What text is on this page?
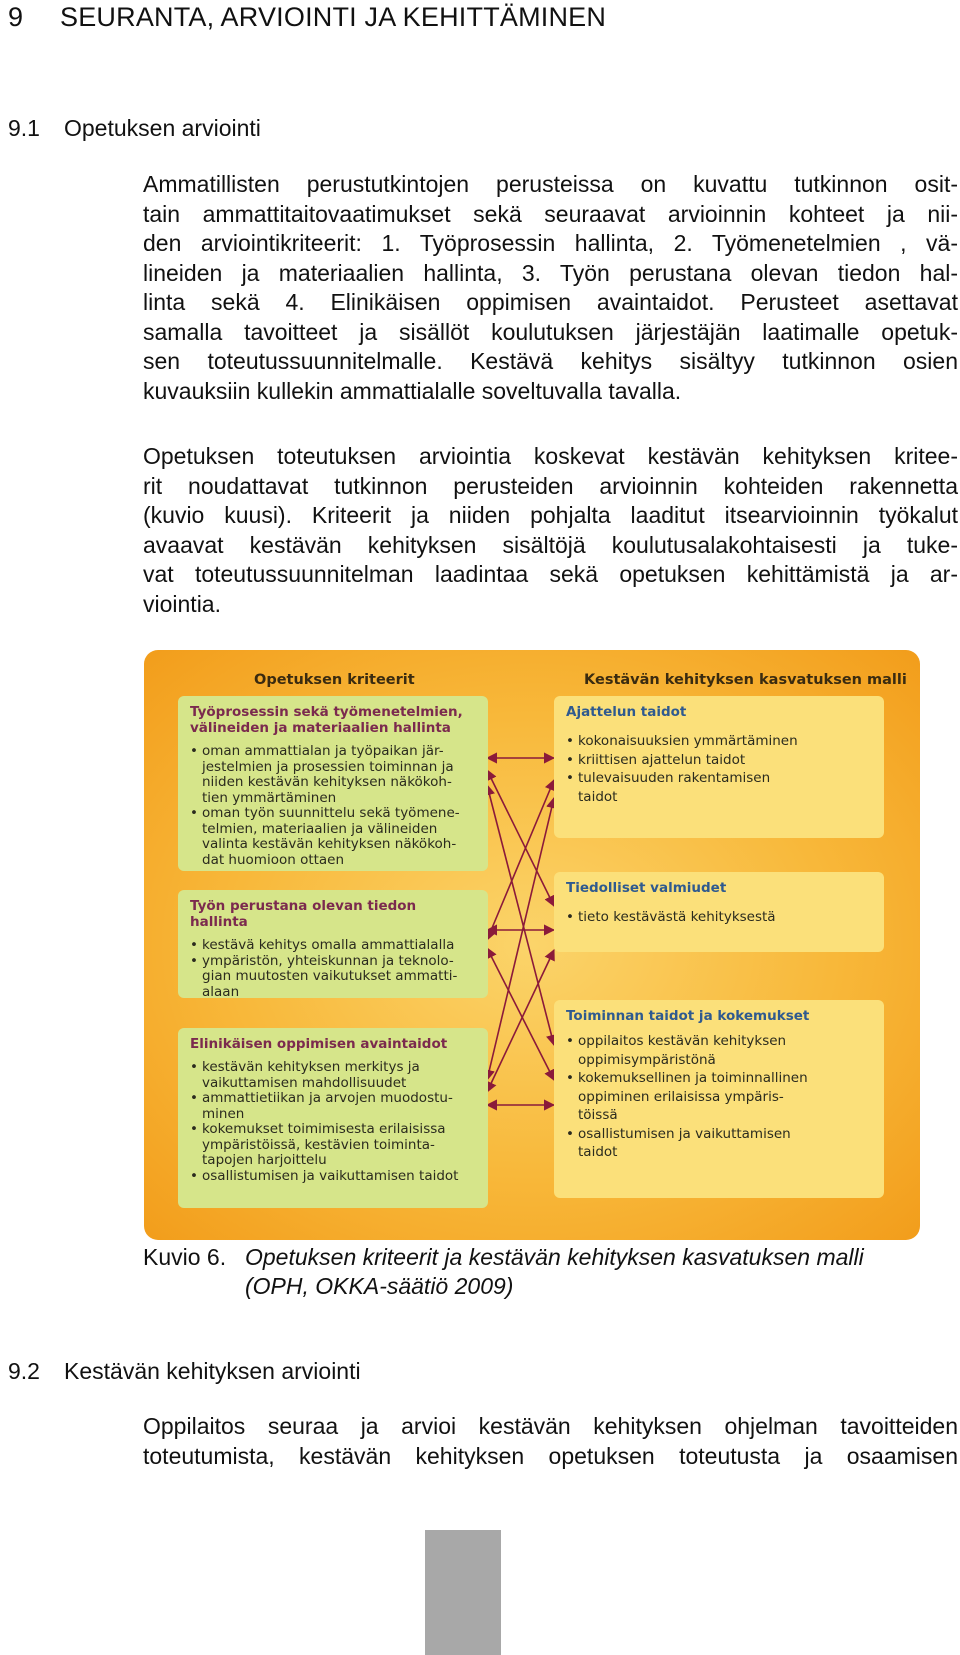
9 SEURANTA, ARVIOINTI JA KEHITTÄMINEN
9.1 Opetuksen arviointi

Ammatillisten perustutkintojen perusteissa on kuvattu tutkinnon osit-
tain ammattitaitovaatimukset sekä seuraavat arvioinnin kohteet ja nii-
den arviointikriteerit: 1. Työprosessin hallinta, 2. Työmenetelmien , vä-
lineiden ja materiaalien hallinta, 3. Työn perustana olevan tiedon hal-
linta sekä 4. Elinikäisen oppimisen avaintaidot. Perusteet asettavat
samalla tavoitteet ja sisällöt koulutuksen järjestäjän laatimalle opetuk-
sen toteutussuunnitelmalle. Kestävä kehitys sisältyy tutkinnon osien
kuvauksiin kullekin ammattialalle soveltuvalla tavalla.

Opetuksen toteutuksen arviointia koskevat kestävän kehityksen kritee-
rit noudattavat tutkinnon perusteiden arvioinnin kohteiden rakennetta
(kuvio kuusi). Kriteerit ja niiden pohjalta laaditut itsearvioinnin työkalut
avaavat kestävän kehityksen sisältöjä koulutusalakohtaisesti ja tuke-
vat toteutussuunnitelman laadintaa sekä opetuksen kehittämistä ja ar-
viointia.

Opetuksen kriteerit	Kestävän kehityksen kasvatuksen malli
Työprosessin sekä työmenetelmien,
välineiden ja materiaalien hallinta
• oman ammattialan ja työpaikan jär-
jestelmien ja prosessien toiminnan ja
niiden kestävän kehityksen näkökoh-
tien ymmärtäminen
• oman työn suunnittelu sekä työmene-
telmien, materiaalien ja välineiden
valinta kestävän kehityksen näkökoh-
dat huomioon ottaen
Työn perustana olevan tiedon hallinta
• kestävä kehitys omalla ammattialalla
• ympäristön, yhteiskunnan ja teknolo-
gian muutosten vaikutukset ammatti-
alaan
Elinikäisen oppimisen avaintaidot
• kestävän kehityksen merkitys ja
vaikuttamisen mahdollisuudet
• ammattietiikan ja arvojen muodostu-
minen
• kokemukset toimimisesta erilaisissa
ympäristöissä, kestävien toiminta-
tapojen harjoittelu
• osallistumisen ja vaikuttamisen taidot
Ajattelun taidot
• kokonaisuuksien ymmärtäminen
• kriittisen ajattelun taidot
• tulevaisuuden rakentamisen
taidot
Tiedolliset valmiudet
• tieto kestävästä kehityksestä
Toiminnan taidot ja kokemukset
• oppilaitos kestävän kehityksen
oppimisympäristönä
• kokemuksellinen ja toiminnallinen
oppiminen erilaisissa ympäris-
töissä
• osallistumisen ja vaikuttamisen
taidot
Kuvio 6. Opetuksen kriteerit ja kestävän kehityksen kasvatuksen malli (OPH, OKKA-säätiö 2009)
9.2 Kestävän kehityksen arviointi

Oppilaitos seuraa ja arvioi kestävän kehityksen ohjelman tavoitteiden
toteutumista, kestävän kehityksen opetuksen toteutusta ja osaamisen
